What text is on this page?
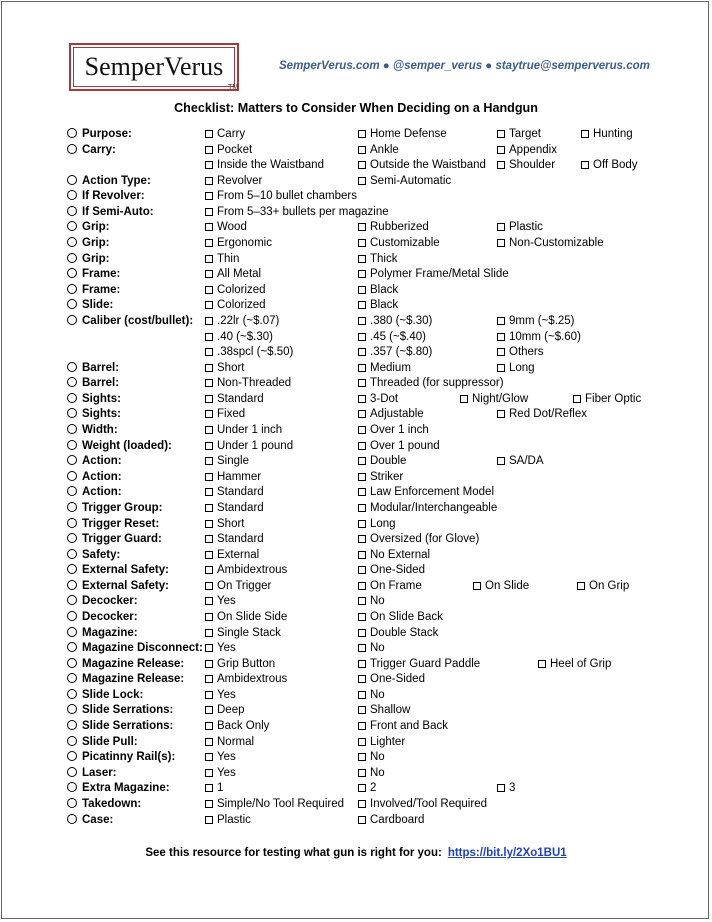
SemperVerus
TM
SemperVerus.com ● @semper_verus ● staytrue@semperverus.com
Checklist: Matters to Consider When Deciding on a Handgun
Purpose:	Carry	Home Defense	Target	Hunting
Carry:	Pocket	Ankle	Appendix
Inside the Waistband	Outside the Waistband	Shoulder	Off Body
Action Type:	Revolver	Semi-Automatic
If Revolver:	From 5–10 bullet chambers
If Semi-Auto:	From 5–33+ bullets per magazine
Grip:	Wood	Rubberized	Plastic
Grip:	Ergonomic	Customizable	Non-Customizable
Grip:	Thin	Thick
Frame:	All Metal	Polymer Frame/Metal Slide
Frame:	Colorized	Black
Slide:	Colorized	Black
Caliber (cost/bullet):	.22lr (~$.07)	.380 (~$.30)	9mm (~$.25)
.40 (~$.30)	.45 (~$.40)	10mm (~$.60)
.38spcl (~$.50)	.357 (~$.80)	Others
Barrel:	Short	Medium	Long
Barrel:	Non-Threaded	Threaded (for suppressor)
Sights:	Standard	3-Dot	Night/Glow	Fiber Optic
Sights:	Fixed	Adjustable	Red Dot/Reflex
Width:	Under 1 inch	Over 1 inch
Weight (loaded):	Under 1 pound	Over 1 pound
Action:	Single	Double	SA/DA
Action:	Hammer	Striker
Action:	Standard	Law Enforcement Model
Trigger Group:	Standard	Modular/Interchangeable
Trigger Reset:	Short	Long
Trigger Guard:	Standard	Oversized (for Glove)
Safety:	External	No External
External Safety:	Ambidextrous	One-Sided
External Safety:	On Trigger	On Frame	On Slide	On Grip
Decocker:	Yes	No
Decocker:	On Slide Side	On Slide Back
Magazine:	Single Stack	Double Stack
Magazine Disconnect:	Yes	No
Magazine Release:	Grip Button	Trigger Guard Paddle	Heel of Grip
Magazine Release:	Ambidextrous	One-Sided
Slide Lock:	Yes	No
Slide Serrations:	Deep	Shallow
Slide Serrations:	Back Only	Front and Back
Slide Pull:	Normal	Lighter
Picatinny Rail(s):	Yes	No
Laser:	Yes	No
Extra Magazine:	1	2	3
Takedown:	Simple/No Tool Required	Involved/Tool Required
Case:	Plastic	Cardboard
See this resource for testing what gun is right for you: https://bit.ly/2Xo1BU1
